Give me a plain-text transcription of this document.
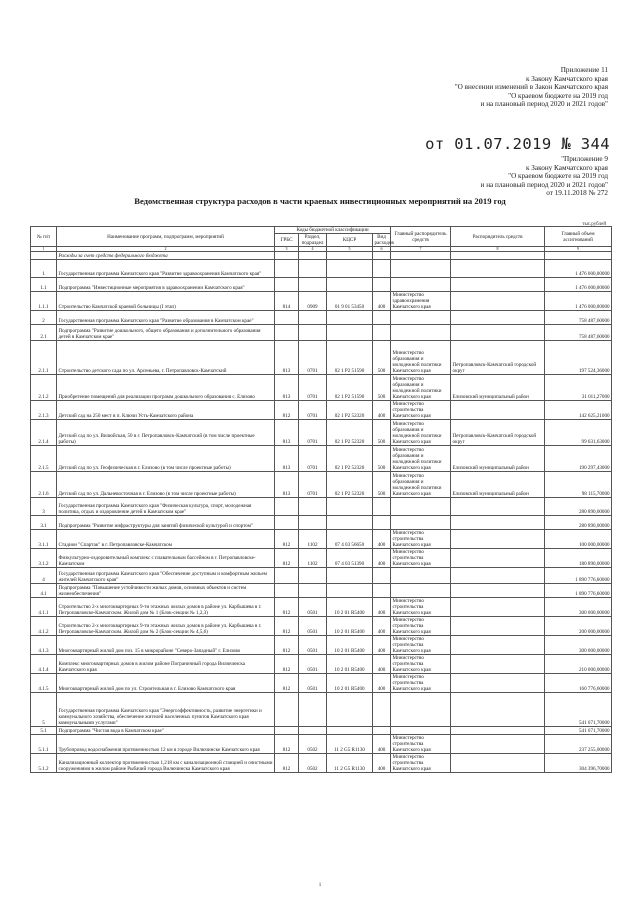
Приложение 11
к Закону Камчатского края
"О внесении изменений в Закон Камчатского края
"О краевом бюджете на 2019 год
и на плановый период 2020 и 2021 годов"
от 01.07.2019 № 344
"Приложение 9
к Закону Камчатского края
"О краевом бюджете на 2019 год
и на плановый период 2020 и 2021 годов"
от 19.11.2018 № 272
Ведомственная структура расходов в части краевых инвестиционных мероприятий на 2019 год
тыс.рублей
№ п/п	Наименование программ, подпрограмм, мероприятий	Коды бюджетной классификации				Главный распорядитель средств	Распорядитель средств	Главный объем ассигнований
		ГРБС	Раздел, подраздел	КЦСР	Вид расходов			
1	2	3	4	5	6	7	8	9
	Расходы за счет средств федерального бюджета							
1	Государственная программа Камчатского края "Развитие здравоохранения Камчатского края"							1 476 000,00000
1.1	Подпрограмма "Инвестиционные мероприятия в здравоохранении Камчатского края"							1 476 000,00000
1.1.1	Строительство Камчатской краевой больницы (I этап)	814	0909	01 9 01 53450	400	Министерство здравоохранения Камчатского края		1 476 000,00000
2	Государственная программа Камчатского края "Развитие образования в Камчатском крае"							758 487,60000
2.1	Подпрограмма "Развитие дошкольного, общего образования и дополнительного образования детей в Камчатском крае"							758 487,60000
2.1.1	Строительство детского сада по ул. Арсеньева, г. Петропавловск-Камчатский	813	0701	02 1 P2 51590	500	Министерство образования и молодежной политики Камчатского края	Петропавловск-Камчатский городской округ	197 524,36000
2.1.2	Приобретение помещений для реализации программ дошкольного образования с. Елизово	813	0701	02 1 P2 51590	500	Министерство образования и молодежной политики Камчатского края	Елизовский муниципальный район	31 011,27000
2.1.3	Детский сад на 250 мест в п. Ключи Усть-Камчатского района	812	0701	02 1 P2 52320	400	Министерство строительства Камчатского края		142 625,21000
2.1.4	Детский сад по ул. Вилюйская, 50 в г. Петропавловск-Камчатский (в том числе проектные работы)	813	0701	02 1 P2 52320	500	Министерство образования и молодежной политики Камчатского края	Петропавловск-Камчатский городской округ	99 631,63000
2.1.5	Детский сад по ул. Геофизическая в г. Елизово (в том числе проектные работы)	813	0701	02 1 P2 52320	500	Министерство образования и молодежной политики Камчатского края	Елизовский муниципальный район	190 297,43000
2.1.6	Детский сад по ул. Дальневосточная в г. Елизово (в том числе проектные работы)	813	0701	02 1 P2 52320	500	Министерство образования и молодежной политики Камчатского края	Елизовский муниципальный район	98 115,70000
3	Государственная программа Камчатского края "Физическая культура, спорт, молодежная политика, отдых и оздоровление детей в Камчатском крае"							280 890,00000
3.1	Подпрограмма "Развитие инфраструктуры для занятий физической культурой и спортом"							280 890,00000
3.1.1	Стадион "Спартак" в г. Петропавловске-Камчатском	812	1102	07 4 03 56650	400	Министерство строительства Камчатского края		100 000,00000
3.1.2	Физкультурно-оздоровительный комплекс с плавательным бассейном в г. Петропавловске-Камчатском	812	1102	07 4 03 51390	400	Министерство строительства Камчатского края		180 890,00000
4	Государственная программа Камчатского края "Обеспечение доступным и комфортным жильем жителей Камчатского края"							1 890 776,60000
4.1	Подпрограмма "Повышение устойчивости жилых домов, основных объектов и систем жизнеобеспечения"							1 890 776,60000
4.1.1	Строительство 2-х многоквартирных 9-ти этажных жилых домов в районе ул. Карбышева в г. Петропавловске-Камчатском. Жилой дом № 1 (Блок-секции № 1,2,3)	812	0501	10 2 01 R5400	400	Министерство строительства Камчатского края		300 000,00000
4.1.2	Строительство 2-х многоквартирных 9-ти этажных жилых домов в районе ул. Карбышева в г. Петропавловске-Камчатском. Жилой дом № 2 (Блок-секции № 4,5,6)	812	0501	10 2 01 R5400	400	Министерство строительства Камчатского края		200 000,00000
4.1.3	Многоквартирный жилой дом поз. 15 в микрорайоне "Северо-Западный" г. Елизово	812	0501	10 2 01 R5400	400	Министерство строительства Камчатского края		300 000,00000
4.1.4	Комплекс многоквартирных домов в жилом районе Пограничный города Вилючинска Камчатского края	812	0501	10 2 01 R5400	400	Министерство строительства Камчатского края		210 000,00000
4.1.5	Многоквартирный жилой дом по ул. Строительная в г. Елизово Камчатского края	812	0501	10 2 01 R5400	400	Министерство строительства Камчатского края		160 776,60000
5	Государственная программа Камчатского края "Энергоэффективность, развитие энергетики и коммунального хозяйства, обеспечение жителей населенных пунктов Камчатского края коммунальными услугами"							541 671,70000
5.1	Подпрограмма "Чистая вода в Камчатском крае"							541 671,70000
5.1.1	Трубопровод водоснабжения протяженностью 12 км в городе Вилючинске Камчатского края	812	0502	11 2 G5 R1130	400	Министерство строительства Камчатского края		237 255,00000
5.1.2	Канализационный коллектор протяженностью 1,218 км с канализационной станцией и очистными сооружениями в жилом районе Рыбачий города Вилючинска Камчатского края	812	0502	11 2 G5 R1130	400	Министерство строительства Камчатского края		304 396,70000
1
